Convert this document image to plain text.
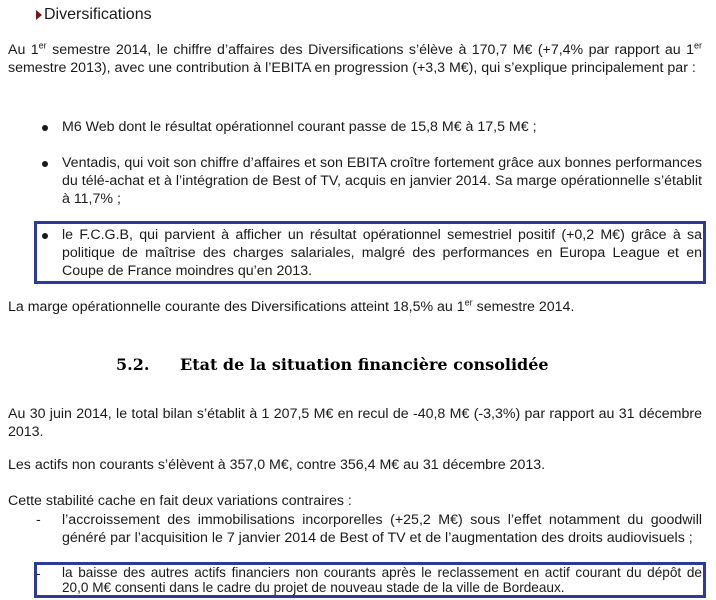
Diversifications

Au 1er semestre 2014, le chiffre d’affaires des Diversifications s’élève à 170,7 M€ (+7,4% par rapport au 1er semestre 2013), avec une contribution à l’EBITA en progression (+3,3 M€), qui s’explique principalement par :

M6 Web dont le résultat opérationnel courant passe de 15,8 M€ à 17,5 M€ ;

Ventadis, qui voit son chiffre d’affaires et son EBITA croître fortement grâce aux bonnes performances du télé-achat et à l’intégration de Best of TV, acquis en janvier 2014. Sa marge opérationnelle s’établit à 11,7% ;

le F.C.G.B, qui parvient à afficher un résultat opérationnel semestriel positif (+0,2 M€) grâce à sa politique de maîtrise des charges salariales, malgré des performances en Europa League et en Coupe de France moindres qu’en 2013.

La marge opérationnelle courante des Diversifications atteint 18,5% au 1er semestre 2014.

5.2. Etat de la situation financière consolidée

Au 30 juin 2014, le total bilan s’établit à 1 207,5 M€ en recul de -40,8 M€ (-3,3%) par rapport au 31 décembre 2013.

Les actifs non courants s’élèvent à 357,0 M€, contre 356,4 M€ au 31 décembre 2013.

Cette stabilité cache en fait deux variations contraires :

- l’accroissement des immobilisations incorporelles (+25,2 M€) sous l’effet notamment du goodwill généré par l’acquisition le 7 janvier 2014 de Best of TV et de l’augmentation des droits audiovisuels ;

- la baisse des autres actifs financiers non courants après le reclassement en actif courant du dépôt de 20,0 M€ consenti dans le cadre du projet de nouveau stade de la ville de Bordeaux.
